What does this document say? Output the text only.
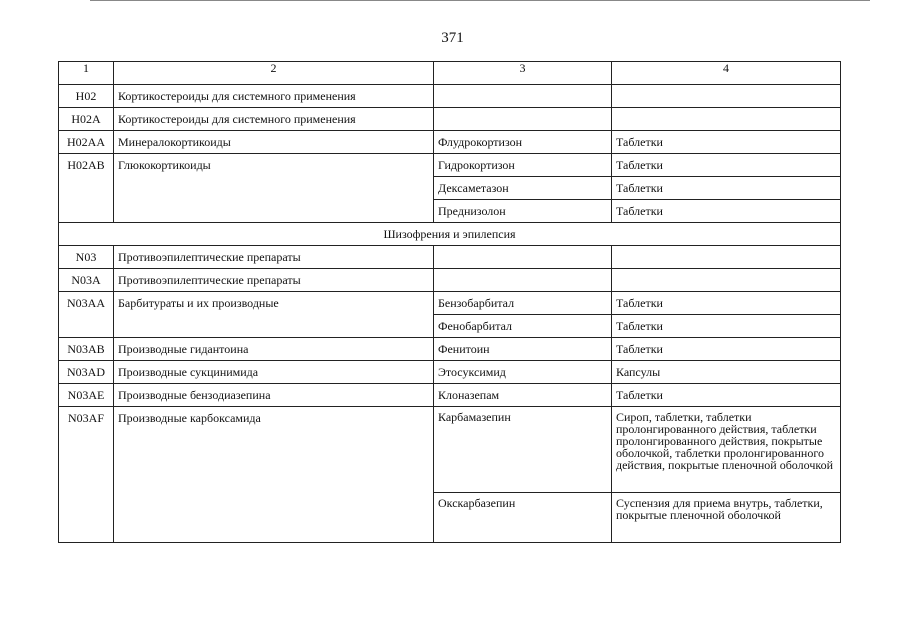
371
1	2	3	4

H02	Кортикостероиды для системного применения		

H02A	Кортикостероиды для системного применения		

H02AA	Минералокортикоиды	Флудрокортизон	Таблетки

H02AB	Глюкокортикоиды	Гидрокортизон	Таблетки

		Дексаметазон	Таблетки

		Преднизолон	Таблетки

Шизофрения и эпилепсия			

N03	Противоэпилептические препараты		

N03A	Противоэпилептические препараты		

N03AA	Барбитураты и их производные	Бензобарбитал	Таблетки

		Фенобарбитал	Таблетки

N03AB	Производные гидантоина	Фенитоин	Таблетки

N03AD	Производные сукцинимида	Этосуксимид	Капсулы

N03AE	Производные бензодиазепина	Клоназепам	Таблетки

N03AF	Производные карбоксамида	Карбамазепин	Сироп, таблетки, таблетки пролонгированного действия, таблетки пролонгированного действия, покрытые оболочкой, таблетки пролонгированного действия, покрытые пленочной оболочкой

		Окскарбазепин	Суспензия для приема внутрь, таблетки, покрытые пленочной оболочкой
